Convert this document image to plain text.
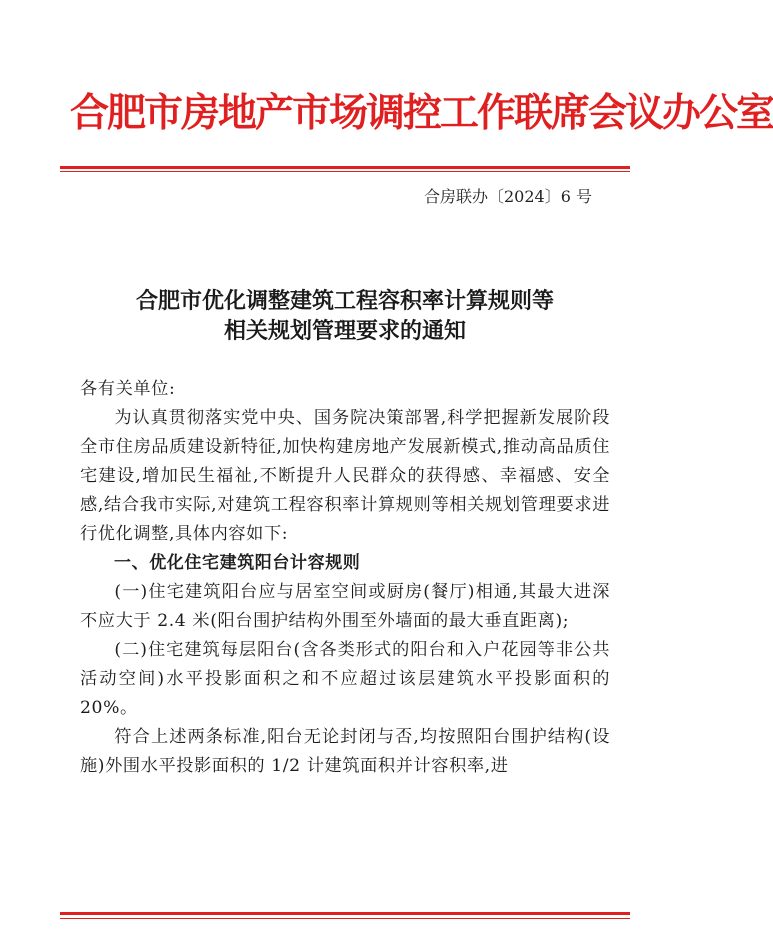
合肥市房地产市场调控工作联席会议办公室
合房联办〔2024〕6 号
合肥市优化调整建筑工程容积率计算规则等
相关规划管理要求的通知

各有关单位:

为认真贯彻落实党中央、国务院决策部署,科学把握新发展阶段全市住房品质建设新特征,加快构建房地产发展新模式,推动高品质住宅建设,增加民生福祉,不断提升人民群众的获得感、幸福感、安全感,结合我市实际,对建筑工程容积率计算规则等相关规划管理要求进行优化调整,具体内容如下:

一、优化住宅建筑阳台计容规则

(一)住宅建筑阳台应与居室空间或厨房(餐厅)相通,其最大进深不应大于 2.4 米(阳台围护结构外围至外墙面的最大垂直距离);

(二)住宅建筑每层阳台(含各类形式的阳台和入户花园等非公共活动空间)水平投影面积之和不应超过该层建筑水平投影面积的 20%。

符合上述两条标准,阳台无论封闭与否,均按照阳台围护结构(设施)外围水平投影面积的 1/2 计建筑面积并计容积率,进
